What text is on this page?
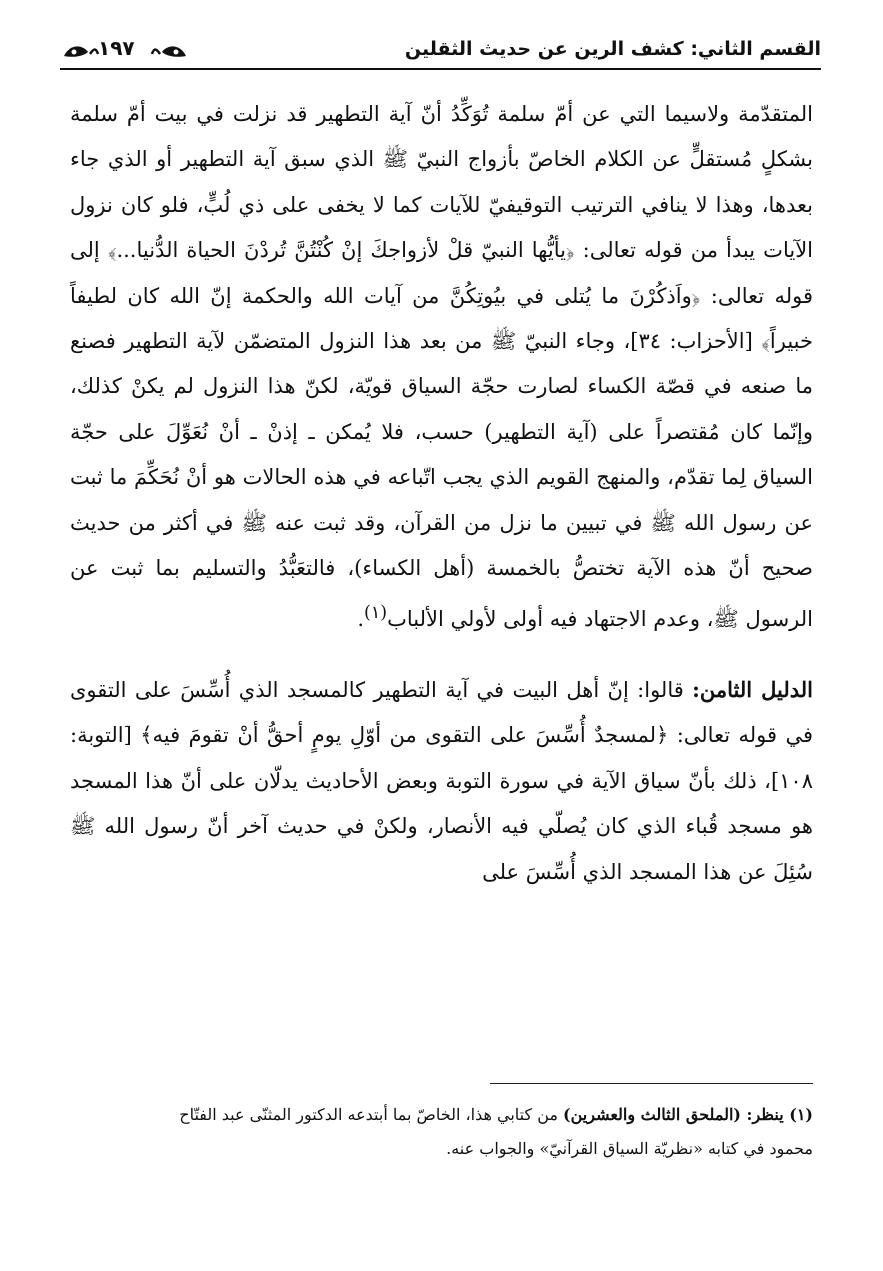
القسم الثاني: كشف الرين عن حديث الثقلين
١٩٧

المتقدّمة ولاسيما التي عن أمّ سلمة تُوَكِّدُ أنّ آية التطهير قد نزلت في بيت أمّ سلمة بشكلٍ مُستقلٍّ عن الكلام الخاصّ بأزواج النبيّ ﷺ الذي سبق آية التطهير أو الذي جاء بعدها، وهذا لا ينافي الترتيب التوقيفيّ للآيات كما لا يخفى على ذي لُبٍّ، فلو كان نزول الآيات يبدأ من قوله تعالى: ﴿يأيُّها النبيّ قلْ لأزواجكَ إنْ كُنْتُنَّ تُردْنَ الحياة الدُّنيا...﴾ إلى قوله تعالى: ﴿واَذكُرْنَ ما يُتلى في بيُوتِكُنَّ من آيات الله والحكمة إنّ الله كان لطيفاً خبيراً﴾ [الأحزاب: ٣٤]، وجاء النبيّ ﷺ من بعد هذا النزول المتضمّن لآية التطهير فصنع ما صنعه في قصّة الكساء لصارت حجّة السياق قويّة، لكنّ هذا النزول لم يكنْ كذلك، وإنّما كان مُقتصراً على (آية التطهير) حسب، فلا يُمكن ـ إذنْ ـ أنْ نُعَوِّلَ على حجّة السياق لِما تقدّم، والمنهج القويم الذي يجب اتّباعه في هذه الحالات هو أنْ نُحَكِّمَ ما ثبت عن رسول الله ﷺ في تبيين ما نزل من القرآن، وقد ثبت عنه ﷺ في أكثر من حديث صحيح أنّ هذه الآية تختصُّ بالخمسة (أهل الكساء)، فالتعَبُّدُ والتسليم بما ثبت عن الرسول ﷺ، وعدم الاجتهاد فيه أولى لأولي الألباب$^{(١)}$.

الدليل الثامن: قالوا: إنّ أهل البيت في آية التطهير كالمسجد الذي أُسِّسَ على التقوى في قوله تعالى: ﴿لمسجدٌ أُسِّسَ على التقوى من أوّلِ يومٍ أحقُّ أنْ تقومَ فيه﴾ [التوبة: ١٠٨]، ذلك بأنّ سياق الآية في سورة التوبة وبعض الأحاديث يدلّان على أنّ هذا المسجد هو مسجد قُباء الذي كان يُصلّي فيه الأنصار، ولكنْ في حديث آخر أنّ رسول الله ﷺ سُئِلَ عن هذا المسجد الذي أُسِّسَ على

(١) ينظر: (الملحق الثالث والعشرين) من كتابي هذا، الخاصّ بما أبتدعه الدكتور المثنّى عبد الفتّاح

محمود في كتابه «نظريّة السياق القرآنيّ» والجواب عنه.
